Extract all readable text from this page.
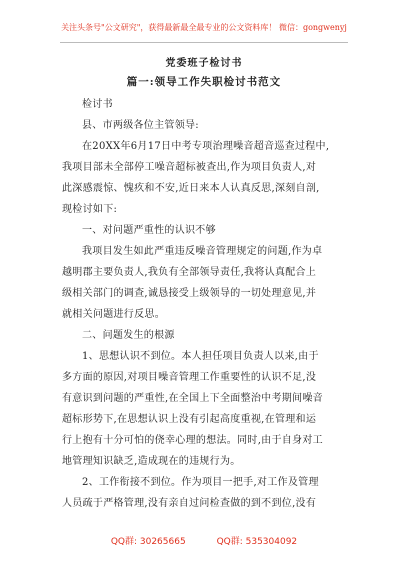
关注头条号"公文研究"，获得最新最全最专业的公文资料库！ 微信：gongwenyj
党委班子检讨书
篇一:领导工作失职检讨书范文
检讨书
县、市两级各位主管领导:
在20XX年6月17日中考专项治理噪音超音巡查过程中,
我项目部未全部停工噪音超标被查出,作为项目负责人,对
此深感震惊、愧疚和不安,近日来本人认真反思,深刻自剖,
现检讨如下:
一、对问题严重性的认识不够
我项目发生如此严重违反噪音管理规定的问题,作为卓
越明郡主要负责人,我负有全部领导责任,我将认真配合上
级相关部门的调查,诚恳接受上级领导的一切处理意见,并
就相关问题进行反思。
二、问题发生的根源
1、思想认识不到位。本人担任项目负责人以来,由于
多方面的原因,对项目噪音管理工作重要性的认识不足,没
有意识到问题的严重性,在全国上下全面整治中考期间噪音
超标形势下,在思想认识上没有引起高度重视,在管理和运
行上抱有十分可怕的侥幸心理的想法。同时,由于自身对工
地管理知识缺乏,造成现在的违规行为。
2、工作衔接不到位。作为项目一把手,对工作及管理
人员疏于严格管理,没有亲自过问检查做的到不到位,没有
QQ群: 30265665	QQ群: 535304092
